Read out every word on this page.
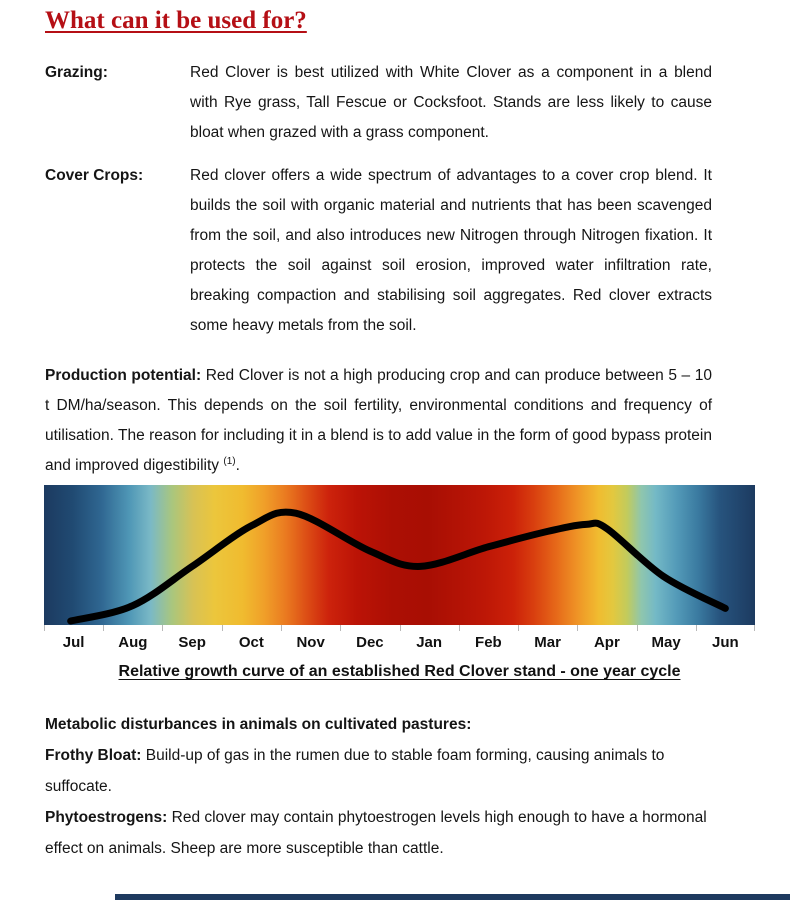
What can it be used for?
Grazing:	Red Clover is best utilized with White Clover as a component in a blend with Rye grass, Tall Fescue or Cocksfoot. Stands are less likely to cause bloat when grazed with a grass component.
Cover Crops:	Red clover offers a wide spectrum of advantages to a cover crop blend. It builds the soil with organic material and nutrients that has been scavenged from the soil, and also introduces new Nitrogen through Nitrogen fixation. It protects the soil against soil erosion, improved water infiltration rate, breaking compaction and stabilising soil aggregates. Red clover extracts some heavy metals from the soil.

Production potential: Red Clover is not a high producing crop and can produce between 5 – 10 t DM/ha/season. This depends on the soil fertility, environmental conditions and frequency of utilisation. The reason for including it in a blend is to add value in the form of good bypass protein and improved digestibility $^{(1)}$.

Jul	Aug	Sep	Oct	Nov	Dec	Jan	Feb	Mar	Apr	May	Jun
Relative growth curve of an established Red Clover stand - one year cycle

Metabolic disturbances in animals on cultivated pastures:

Frothy Bloat: Build-up of gas in the rumen due to stable foam forming, causing animals to suffocate.

Phytoestrogens: Red clover may contain phytoestrogen levels high enough to have a hormonal effect on animals. Sheep are more susceptible than cattle.
